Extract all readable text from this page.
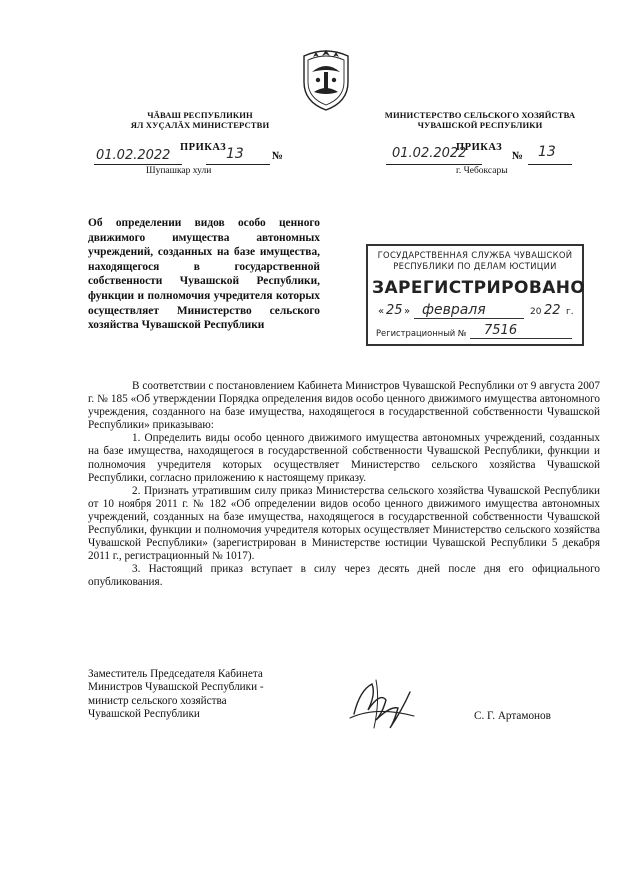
ЧĂВАШ РЕСПУБЛИКИН
ЯЛ ХУÇАЛĂХ МИНИСТЕРСТВИ
МИНИСТЕРСТВО СЕЛЬСКОГО ХОЗЯЙСТВА
ЧУВАШСКОЙ РЕСПУБЛИКИ
ПРИКАЗ
01.02.2022	13	№
Шупашкар хули
ПРИКАЗ
01.02.2022	№ 13
г. Чебоксары
Об определении видов особо ценного движимого имущества автономных учреждений, созданных на базе имущества, находящегося в государственной собственности Чувашской Республики, функции и полномочия учредителя которых осуществляет Министерство сельского хозяйства Чувашской Республики
ГОСУДАРСТВЕННАЯ СЛУЖБА ЧУВАШСКОЙ
РЕСПУБЛИКИ ПО ДЕЛАМ ЮСТИЦИИ
ЗАРЕГИСТРИРОВАНО
« 25 » февраля	20 22 г.
Регистрационный № 7516

В соответствии с постановлением Кабинета Министров Чувашской Республики от 9 августа 2007 г. № 185 «Об утверждении Порядка определения видов особо ценного движимого имущества автономного учреждения, созданного на базе имущества, находящегося в государственной собственности Чувашской Республики» приказываю:

1. Определить виды особо ценного движимого имущества автономных учреждений, созданных на базе имущества, находящегося в государственной собственности Чувашской Республики, функции и полномочия учредителя которых осуществляет Министерство сельского хозяйства Чувашской Республики, согласно приложению к настоящему приказу.

2. Признать утратившим силу приказ Министерства сельского хозяйства Чувашской Республики от 10 ноября 2011 г. № 182 «Об определении видов особо ценного движимого имущества автономных учреждений, созданных на базе имущества, находящегося в государственной собственности Чувашской Республики, функции и полномочия учредителя которых осуществляет Министерство сельского хозяйства Чувашской Республики» (зарегистрирован в Министерстве юстиции Чувашской Республики 5 декабря 2011 г., регистрационный № 1017).

3. Настоящий приказ вступает в силу через десять дней после дня его официального опубликования.

Заместитель Председателя Кабинета
Министров Чувашской Республики -
министр сельского хозяйства
Чувашской Республики	С. Г. Артамонов
